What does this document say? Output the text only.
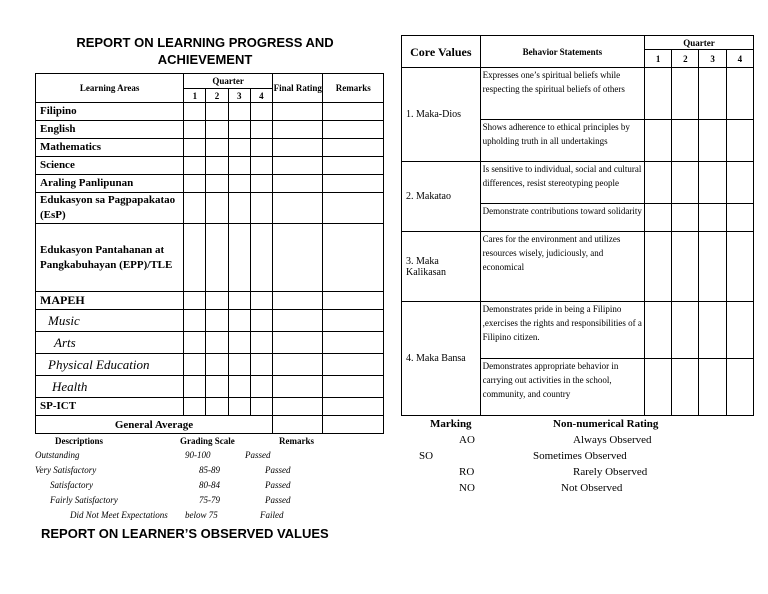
REPORT ON LEARNING PROGRESS AND
ACHIEVEMENT
Learning Areas	Quarter				Final Rating	Remarks
	1	2	3	4		
Filipino						
English						
Mathematics						
Science						
Araling Panlipunan						
Edukasyon sa Pagpapakatao (EsP)						
Edukasyon Pantahanan at Pangkabuhayan (EPP)/TLE						
MAPEH						
Music						
Arts						
Physical Education						
Health						
SP-ICT						
General Average						
Descriptions	Grading Scale	Remarks
Outstanding	90-100	Passed
Very Satisfactory	85-89	Passed
Satisfactory	80-84	Passed
Fairly Satisfactory	75-79	Passed
Did Not Meet Expectations below 75	Failed
REPORT ON LEARNER’S OBSERVED VALUES
Core Values	Behavior Statements	Quarter			
		1	2	3	4
1. Maka-Dios	Expresses one’s spiritual beliefs while respecting the spiritual beliefs of others				
	Shows adherence to ethical principles by upholding truth in all undertakings				
2. Makatao	Is sensitive to individual, social and cultural differences, resist stereotyping people				
	Demonstrate contributions toward solidarity				
3. Maka Kalikasan	Cares for the environment and utilizes resources wisely, judiciously, and economical				
4. Maka Bansa	Demonstrates pride in being a Filipino ,exercises the rights and responsibilities of a Filipino citizen.				
	Demonstrates appropriate behavior in carrying out activities in the school, community, and country				
Marking	Non-numerical Rating
AO	Always Observed
SO	Sometimes Observed
RO	Rarely Observed
NO	Not Observed
